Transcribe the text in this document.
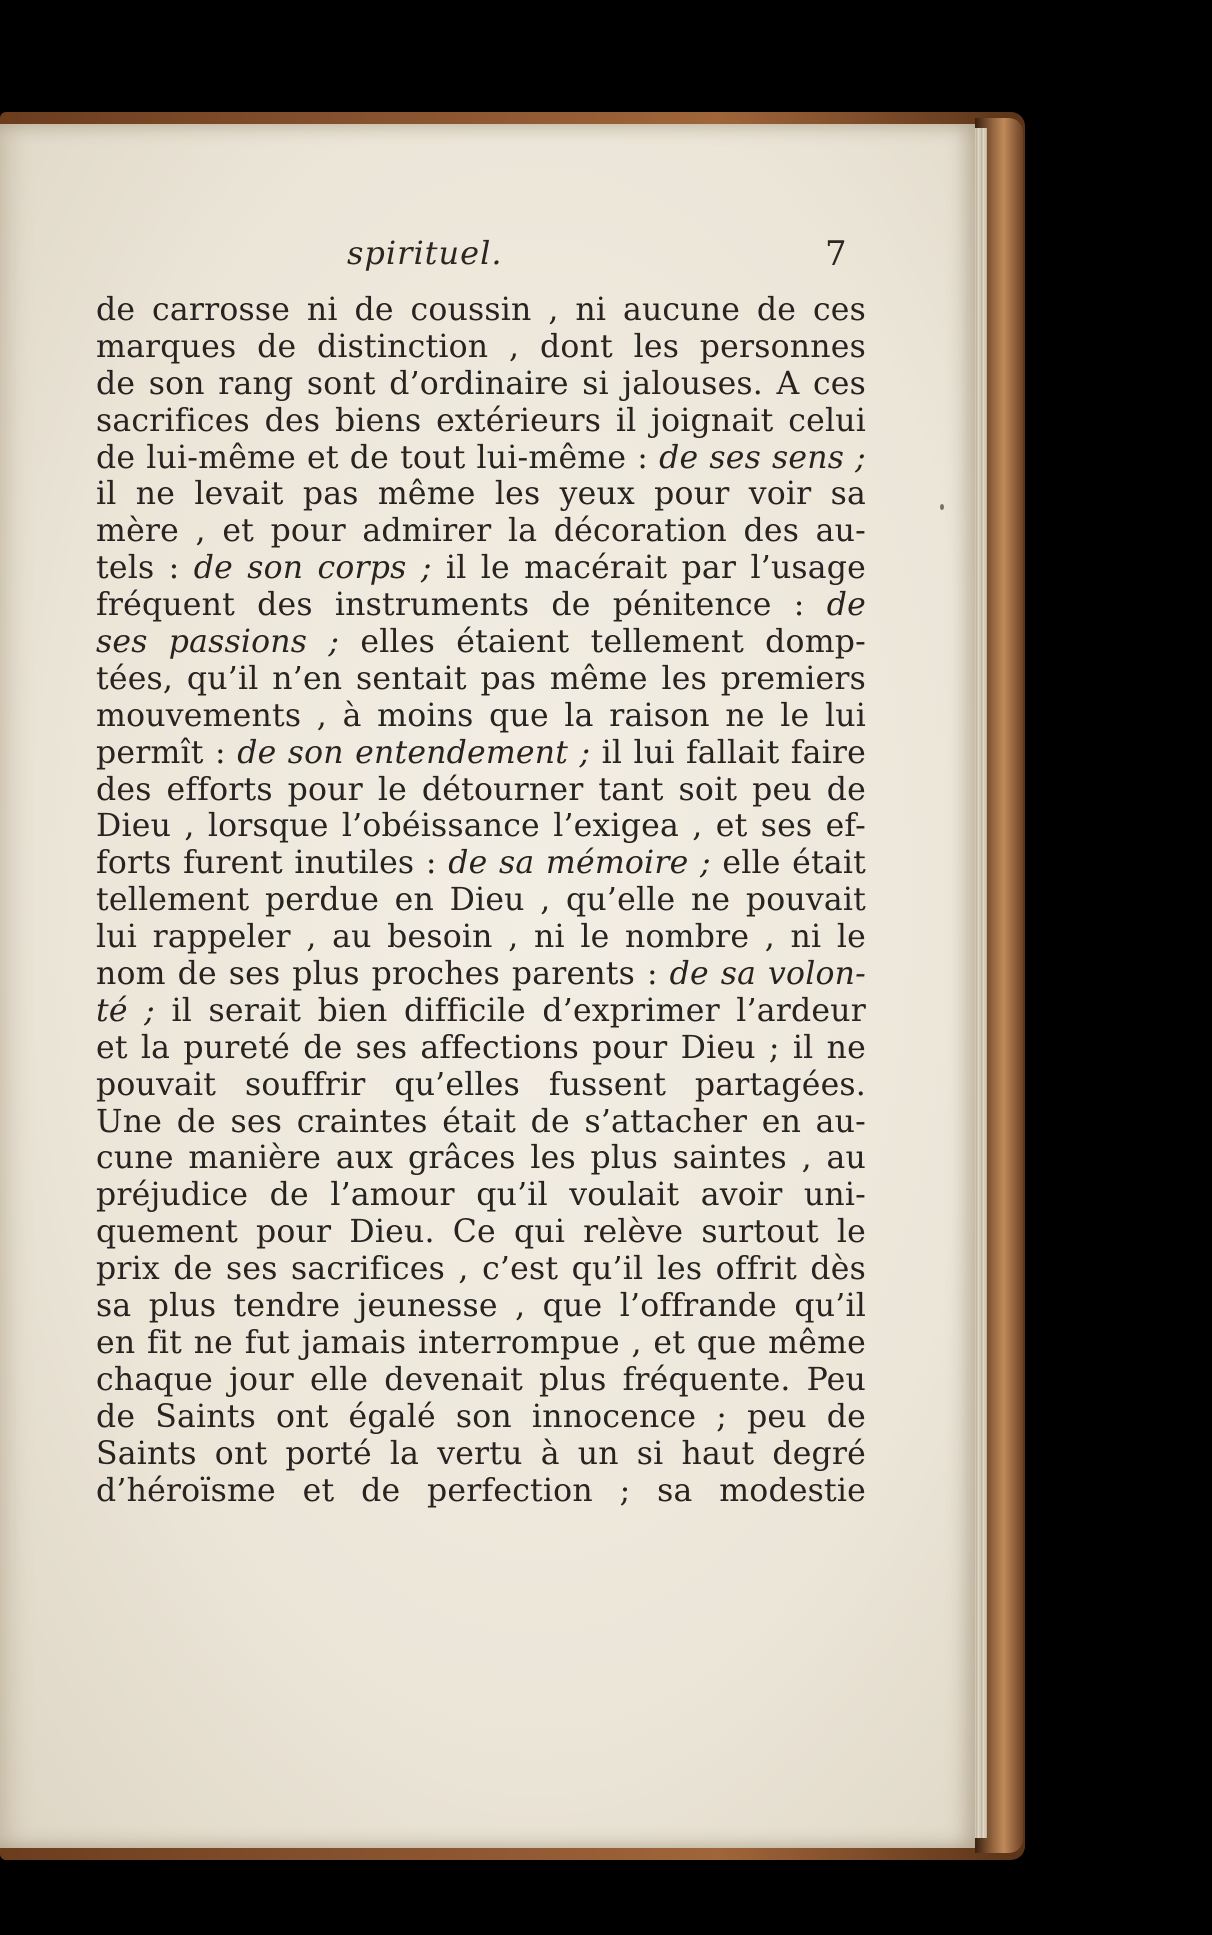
spirituel.	7
de carrosse ni de coussin , ni aucune de ces
marques de distinction , dont les personnes
de son rang sont d’ordinaire si jalouses. A ces
sacrifices des biens extérieurs il joignait celui
de lui-même et de tout lui-même : de ses sens ;
il ne levait pas même les yeux pour voir sa
mère , et pour admirer la décoration des au-
tels : de son corps ; il le macérait par l’usage
fréquent des instruments de pénitence : de
ses passions ; elles étaient tellement domp-
tées, qu’il n’en sentait pas même les premiers
mouvements , à moins que la raison ne le lui
permît : de son entendement ; il lui fallait faire
des efforts pour le détourner tant soit peu de
Dieu , lorsque l’obéissance l’exigea , et ses ef-
forts furent inutiles : de sa mémoire ; elle était
tellement perdue en Dieu , qu’elle ne pouvait
lui rappeler , au besoin , ni le nombre , ni le
nom de ses plus proches parents : de sa volon-
té ; il serait bien difficile d’exprimer l’ardeur
et la pureté de ses affections pour Dieu ; il ne
pouvait souffrir qu’elles fussent partagées.
Une de ses craintes était de s’attacher en au-
cune manière aux grâces les plus saintes , au
préjudice de l’amour qu’il voulait avoir uni-
quement pour Dieu. Ce qui relève surtout le
prix de ses sacrifices , c’est qu’il les offrit dès
sa plus tendre jeunesse , que l’offrande qu’il
en fit ne fut jamais interrompue , et que même
chaque jour elle devenait plus fréquente. Peu
de Saints ont égalé son innocence ; peu de
Saints ont porté la vertu à un si haut degré
d’héroïsme et de perfection ; sa modestie
